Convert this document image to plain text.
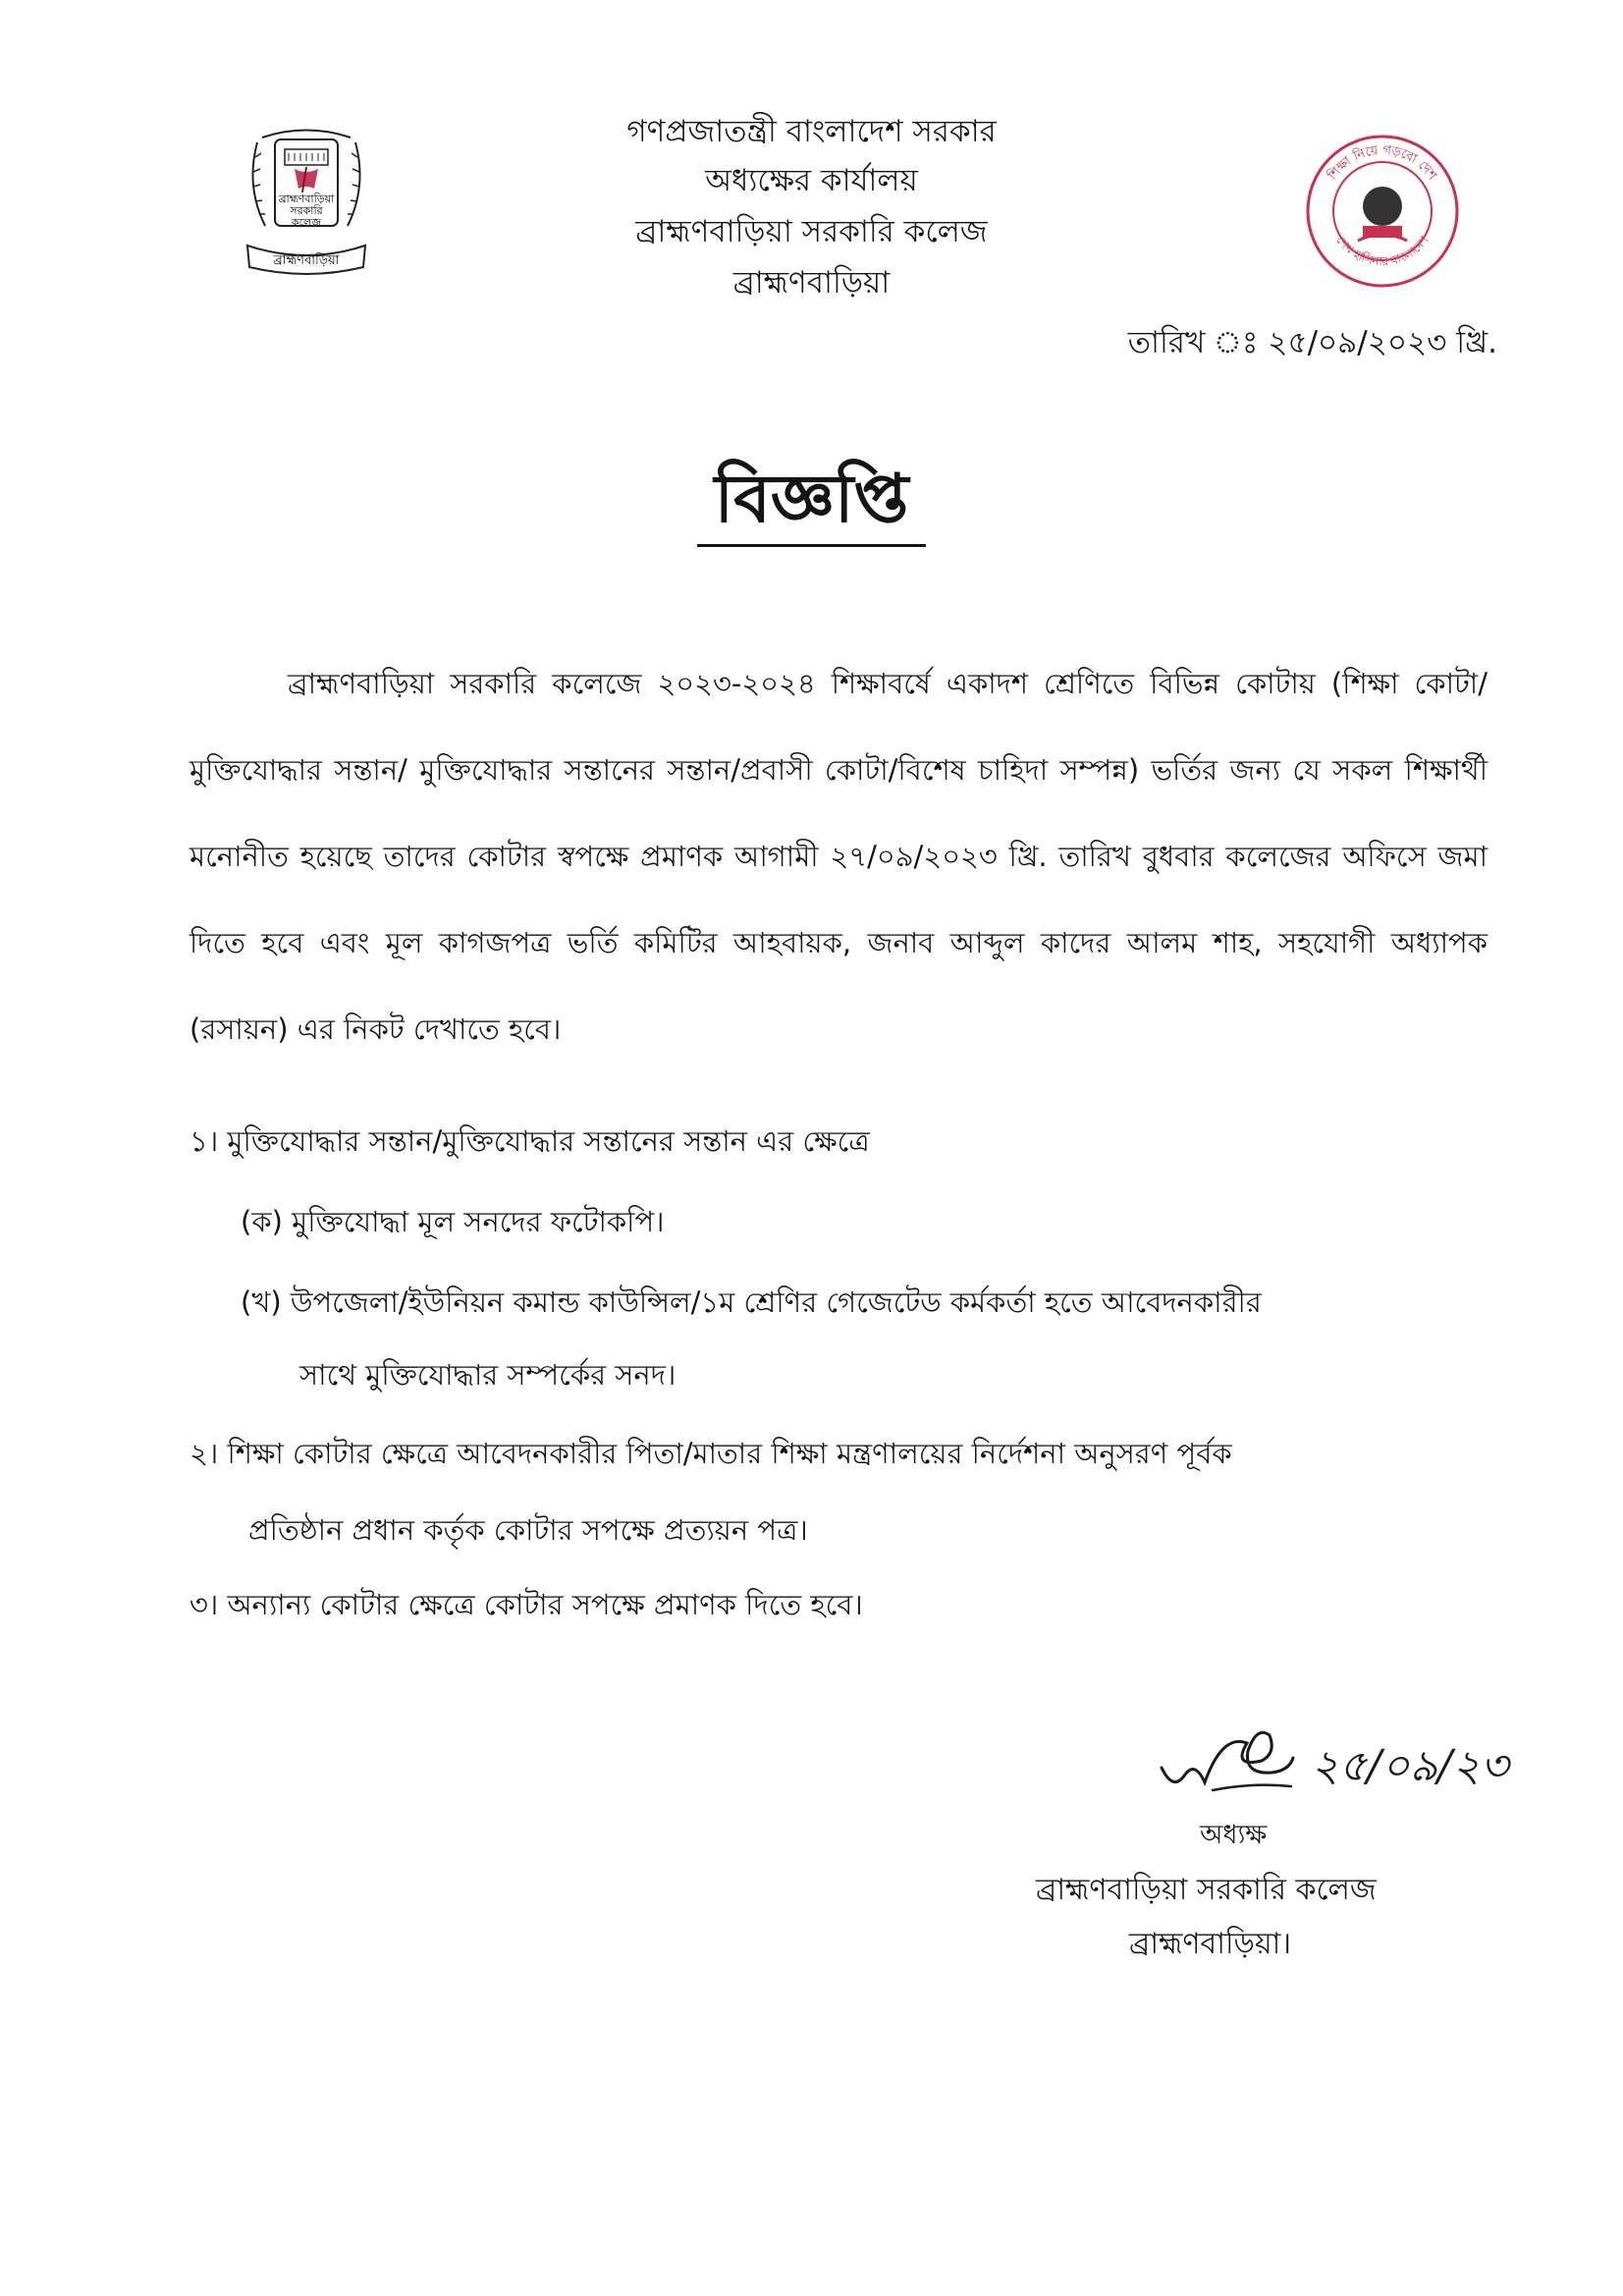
ব্রাহ্মণবাড়িয়া
সরকারি
কলেজ
ব্রাহ্মণবাড়িয়া
শিক্ষা নিয়ে গড়বো দেশ
শেখ হাসিনার বাংলাদেশ
গণপ্রজাতন্ত্রী বাংলাদেশ সরকার
অধ্যক্ষের কার্যালয়
ব্রাহ্মণবাড়িয়া সরকারি কলেজ
ব্রাহ্মণবাড়িয়া
তারিখ ঃ ২৫/০৯/২০২৩ খ্রি.
বিজ্ঞপ্তি
ব্রাহ্মণবাড়িয়া সরকারি কলেজে ২০২৩-২০২৪ শিক্ষাবর্ষে একাদশ শ্রেণিতে বিভিন্ন কোটায় (শিক্ষা কোটা/মুক্তিযোদ্ধার সন্তান/ মুক্তিযোদ্ধার সন্তানের সন্তান/প্রবাসী কোটা/বিশেষ চাহিদা সম্পন্ন) ভর্তির জন্য যে সকল শিক্ষার্থী মনোনীত হয়েছে তাদের কোটার স্বপক্ষে প্রমাণক আগামী ২৭/০৯/২০২৩ খ্রি. তারিখ বুধবার কলেজের অফিসে জমা দিতে হবে এবং মূল কাগজপত্র ভর্তি কমিটির আহবায়ক, জনাব আব্দুল কাদের আলম শাহ, সহযোগী অধ্যাপক (রসায়ন) এর নিকট দেখাতে হবে।
১। মুক্তিযোদ্ধার সন্তান/মুক্তিযোদ্ধার সন্তানের সন্তান এর ক্ষেত্রে
(ক) মুক্তিযোদ্ধা মূল সনদের ফটোকপি।
(খ) উপজেলা/ইউনিয়ন কমান্ড কাউন্সিল/১ম শ্রেণির গেজেটেড কর্মকর্তা হতে আবেদনকারীর
সাথে মুক্তিযোদ্ধার সম্পর্কের সনদ।
২। শিক্ষা কোটার ক্ষেত্রে আবেদনকারীর পিতা/মাতার শিক্ষা মন্ত্রণালয়ের নির্দেশনা অনুসরণ পূর্বক
প্রতিষ্ঠান প্রধান কর্তৃক কোটার সপক্ষে প্রত্যয়ন পত্র।
৩। অন্যান্য কোটার ক্ষেত্রে কোটার সপক্ষে প্রমাণক দিতে হবে।
২৫/০৯/২৩
অধ্যক্ষ
ব্রাহ্মণবাড়িয়া সরকারি কলেজ
ব্রাহ্মণবাড়িয়া।
